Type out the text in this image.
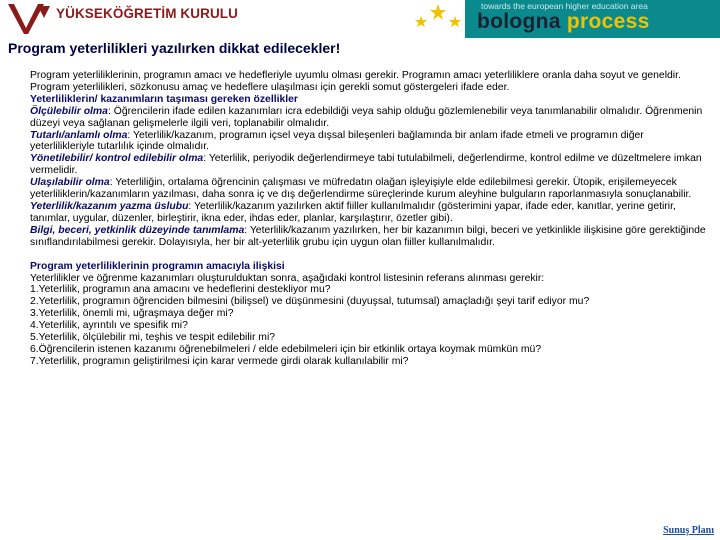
YÜKSEKÖĞRETİM KURULU	towards the european higher education area
bologna process
Program yeterlilikleri yazılırken dikkat edilecekler!

Program yeterliliklerinin, programın amacı ve hedefleriyle uyumlu olması gerekir. Programın amacı yeterliliklere oranla daha soyut ve geneldir. Program yeterlilikleri, sözkonusu amaç ve hedeflere ulaşılması için gerekli somut göstergeleri ifade eder.

Yeterliliklerin/ kazanımların taşıması gereken özellikler

Ölçülebilir olma: Öğrencilerin ifade edilen kazanımları icra edebildiği veya sahip olduğu gözlemlenebilir veya tanımlanabilir olmalıdır. Öğrenmenin düzeyi veya sağlanan gelişmelerle ilgili veri, toplanabilir olmalıdır.

Tutarlı/anlamlı olma: Yeterlilik/kazanım, programın içsel veya dışsal bileşenleri bağlamında bir anlam ifade etmeli ve programın diğer yeterlilikleriyle tutarlılık içinde olmalıdır.

Yönetilebilir/ kontrol edilebilir olma: Yeterlilik, periyodik değerlendirmeye tabi tutulabilmeli, değerlendirme, kontrol edilme ve düzeltmelere imkan vermelidir.

Ulaşılabilir olma: Yeterliliğin, ortalama öğrencinin çalışması ve müfredatın olağan işleyişiyle elde edilebilmesi gerekir. Ütopik, erişilemeyecek yeterliliklerin/kazanımların yazılması, daha sonra iç ve dış değerlendirme süreçlerinde kurum aleyhine bulguların raporlanmasıyla sonuçlanabilir.

Yeterlilik/kazanım yazma üslubu: Yeterlilik/kazanım yazılırken aktif fiiller kullanılmalıdır (gösterimini yapar, ifade eder, kanıtlar, yerine getirir, tanımlar, uygular, düzenler, birleştirir, ikna eder, ihdas eder, planlar, karşılaştırır, özetler gibi).

Bilgi, beceri, yetkinlik düzeyinde tanımlama: Yeterlilik/kazanım yazılırken, her bir kazanımın bilgi, beceri ve yetkinlikle ilişkisine göre gerektiğinde sınıflandırılabilmesi gerekir. Dolayısıyla, her bir alt-yeterlilik grubu için uygun olan fiiller kullanılmalıdır.

Program yeterliliklerinin programın amacıyla ilişkisi

Yeterlilikler ve öğrenme kazanımları oluşturulduktan sonra, aşağıdaki kontrol listesinin referans alınması gerekir:

1.Yeterlilik, programın ana amacını ve hedeflerini destekliyor mu?

2.Yeterlilik, programın öğrenciden bilmesini (bilişsel) ve düşünmesini (duyuşsal, tutumsal) amaçladığı şeyi tarif ediyor mu?

3.Yeterlilik, önemli mi, uğraşmaya değer mi?

4.Yeterlilik, ayrıntılı ve spesifik mi?

5.Yeterlilik, ölçülebilir mi, teşhis ve tespit edilebilir mi?

6.Öğrencilerin istenen kazanımı öğrenebilmeleri / elde edebilmeleri için bir etkinlik ortaya koymak mümkün mü?

7.Yeterlilik, programın geliştirilmesi için karar vermede girdi olarak kullanılabilir mi?

Sunuş Planı
